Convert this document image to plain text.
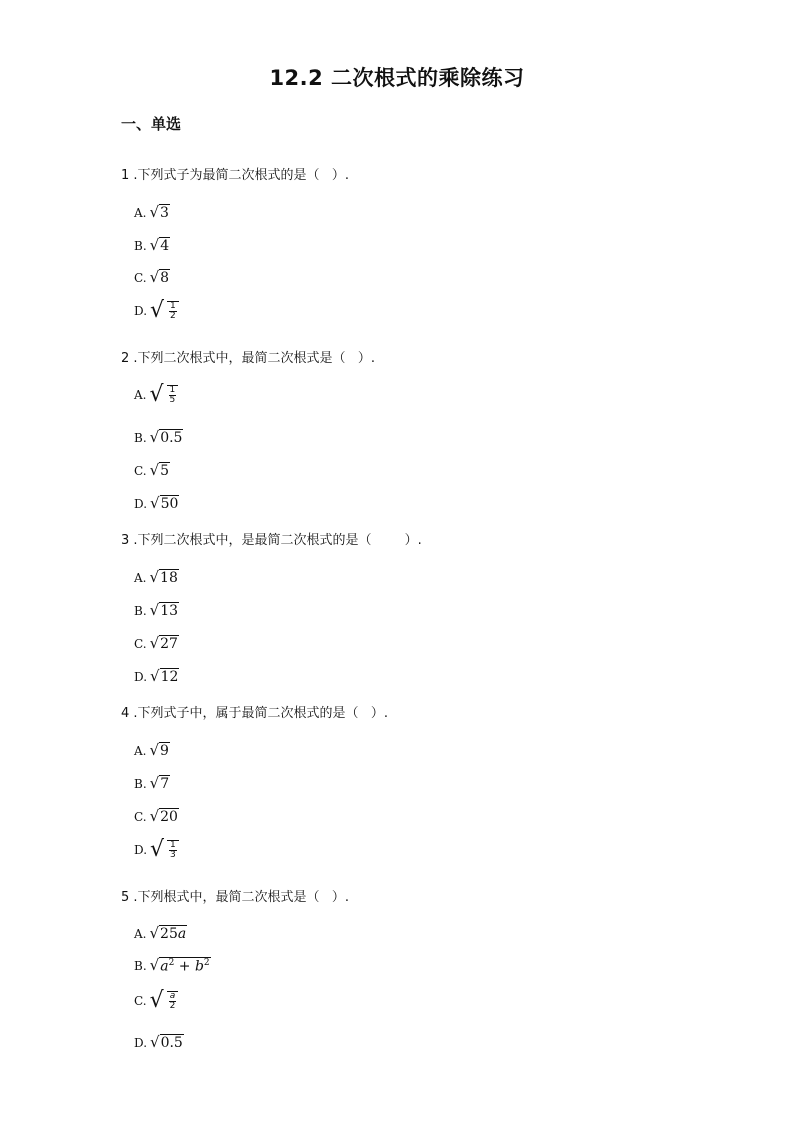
12.2 二次根式的乘除练习
一、单选
1 .下列式子为最简二次根式的是（   ）.
A. √ 3
B. √ 4
C. √ 8
D. √ $\frac{1}{2}$
2 .下列二次根式中，最简二次根式是（   ）.
A. √ $\frac{1}{5}$
B. √ 0.5
C. √ 5
D. √ 50
3 .下列二次根式中，是最简二次根式的是（        ）.
A. √ 18
B. √ 13
C. √ 27
D. √ 12
4 .下列式子中，属于最简二次根式的是（   ）.
A. √ 9
B. √ 7
C. √ 20
D. √ $\frac{1}{3}$
5 .下列根式中，最简二次根式是（   ）.
A. √ 25a
B. √ $a^2 + b^2$
C. √ $\frac{a}{2}$
D. √ 0.5
